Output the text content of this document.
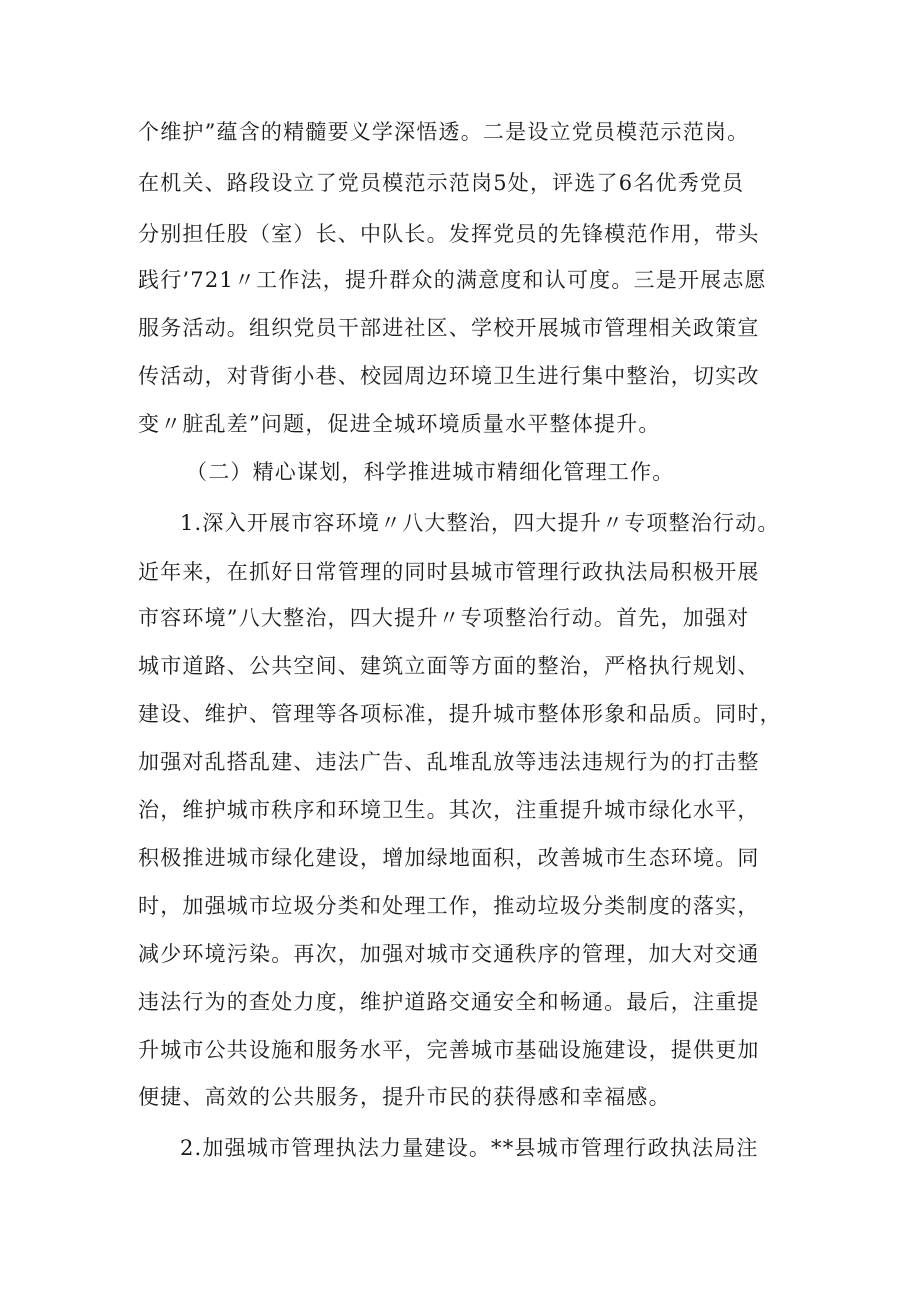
个维护”蕴含的精髓要义学深悟透。二是设立党员模范示范岗。
在机关、路段设立了党员模范示范岗5处，评选了6名优秀党员
分别担任股（室）长、中队长。发挥党员的先锋模范作用，带头
践行’721〃工作法，提升群众的满意度和认可度。三是开展志愿
服务活动。组织党员干部进社区、学校开展城市管理相关政策宣
传活动，对背街小巷、校园周边环境卫生进行集中整治，切实改
变〃脏乱差”问题，促进全城环境质量水平整体提升。
（二）精心谋划，科学推进城市精细化管理工作。
1.深入开展市容环境〃八大整治，四大提升〃专项整治行动。
近年来，在抓好日常管理的同时县城市管理行政执法局积极开展
市容环境”八大整治，四大提升〃专项整治行动。首先，加强对
城市道路、公共空间、建筑立面等方面的整治，严格执行规划、
建设、维护、管理等各项标准，提升城市整体形象和品质。同时，
加强对乱搭乱建、违法广告、乱堆乱放等违法违规行为的打击整
治，维护城市秩序和环境卫生。其次，注重提升城市绿化水平，
积极推进城市绿化建设，增加绿地面积，改善城市生态环境。同
时，加强城市垃圾分类和处理工作，推动垃圾分类制度的落实，
减少环境污染。再次，加强对城市交通秩序的管理，加大对交通
违法行为的查处力度，维护道路交通安全和畅通。最后，注重提
升城市公共设施和服务水平，完善城市基础设施建设，提供更加
便捷、高效的公共服务，提升市民的获得感和幸福感。
2.加强城市管理执法力量建设。**县城市管理行政执法局注
